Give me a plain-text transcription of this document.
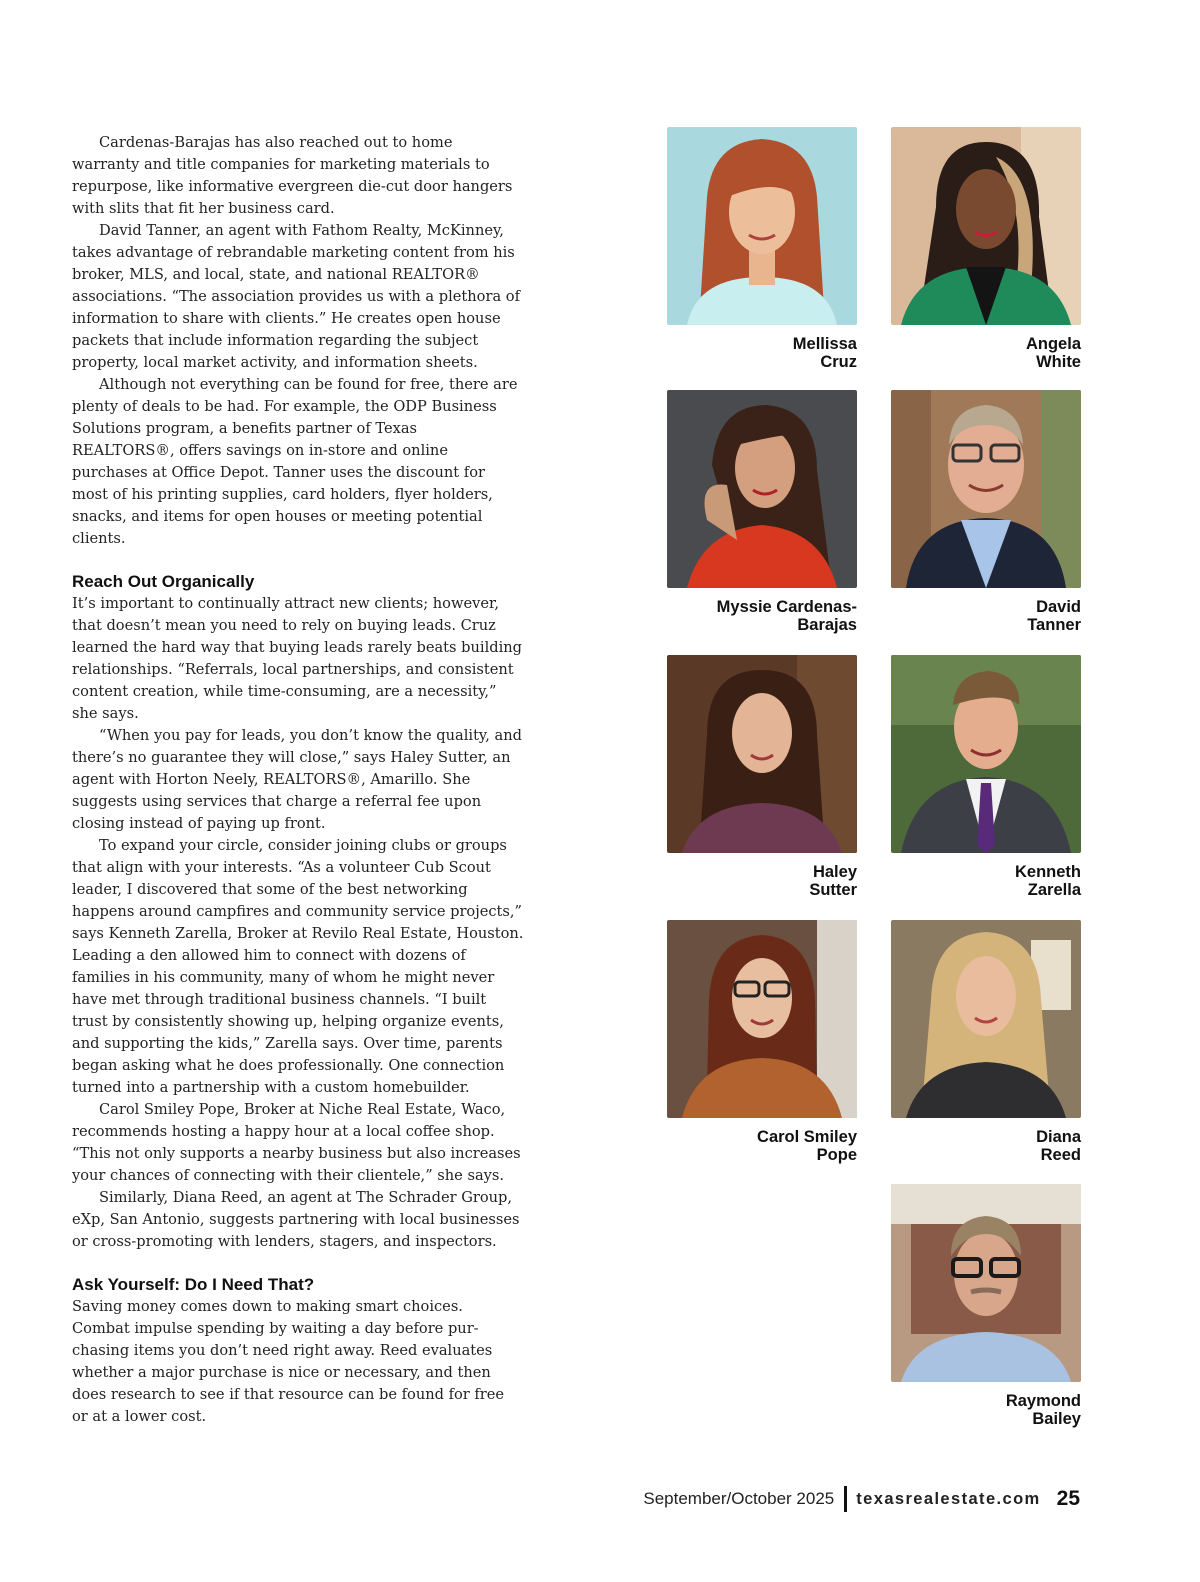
Cardenas-Barajas has also reached out to home warranty and title companies for marketing materials to repurpose, like informative evergreen die-cut door hangers with slits that fit her business card.

David Tanner, an agent with Fathom Realty, McKinney, takes advantage of rebrandable marketing content from his broker, MLS, and local, state, and national REALTOR® associations. “The association provides us with a plethora of information to share with clients.” He creates open house packets that include information regarding the subject property, local market activity, and information sheets.

Although not everything can be found for free, there are plenty of deals to be had. For example, the ODP Business Solutions program, a benefits partner of Texas REALTORS®, offers savings on in-store and online purchases at Office Depot. Tanner uses the discount for most of his printing supplies, card holders, flyer holders, snacks, and items for open houses or meeting potential clients.

Reach Out Organically

It’s important to continually attract new clients; however, that doesn’t mean you need to rely on buying leads. Cruz learned the hard way that buying leads rarely beats building relationships. “Referrals, local partnerships, and consistent content creation, while time-consuming, are a necessity,” she says.

“When you pay for leads, you don’t know the quality, and there’s no guarantee they will close,” says Haley Sutter, an agent with Horton Neely, REALTORS®, Amarillo. She suggests using services that charge a referral fee upon closing instead of paying up front.

To expand your circle, consider joining clubs or groups that align with your interests. “As a volunteer Cub Scout leader, I discovered that some of the best networking happens around campfires and community service projects,” says Kenneth Zarella, Broker at Revilo Real Estate, Houston. Leading a den allowed him to connect with dozens of families in his community, many of whom he might never have met through traditional business channels. “I built trust by consistently showing up, helping organize events, and supporting the kids,” Zarella says. Over time, parents began asking what he does professionally. One connection turned into a partnership with a custom homebuilder.

Carol Smiley Pope, Broker at Niche Real Estate, Waco, recommends hosting a happy hour at a local coffee shop. “This not only supports a nearby business but also increases your chances of connecting with their clientele,” she says.

Similarly, Diana Reed, an agent at The Schrader Group, eXp, San Antonio, suggests partnering with local businesses or cross-promoting with lenders, stagers, and inspectors.

Ask Yourself: Do I Need That?

Saving money comes down to making smart choices. Combat impulse spending by waiting a day before pur-chasing items you don’t need right away. Reed evaluates whether a major purchase is nice or necessary, and then does research to see if that resource can be found for free or at a lower cost.

Mellissa
Cruz
Angela
White
Myssie Cardenas-
Barajas
David
Tanner
Haley
Sutter
Kenneth
Zarella
Carol Smiley
Pope
Diana
Reed
Raymond
Bailey
September/October 2025 texasrealestate.com 25
